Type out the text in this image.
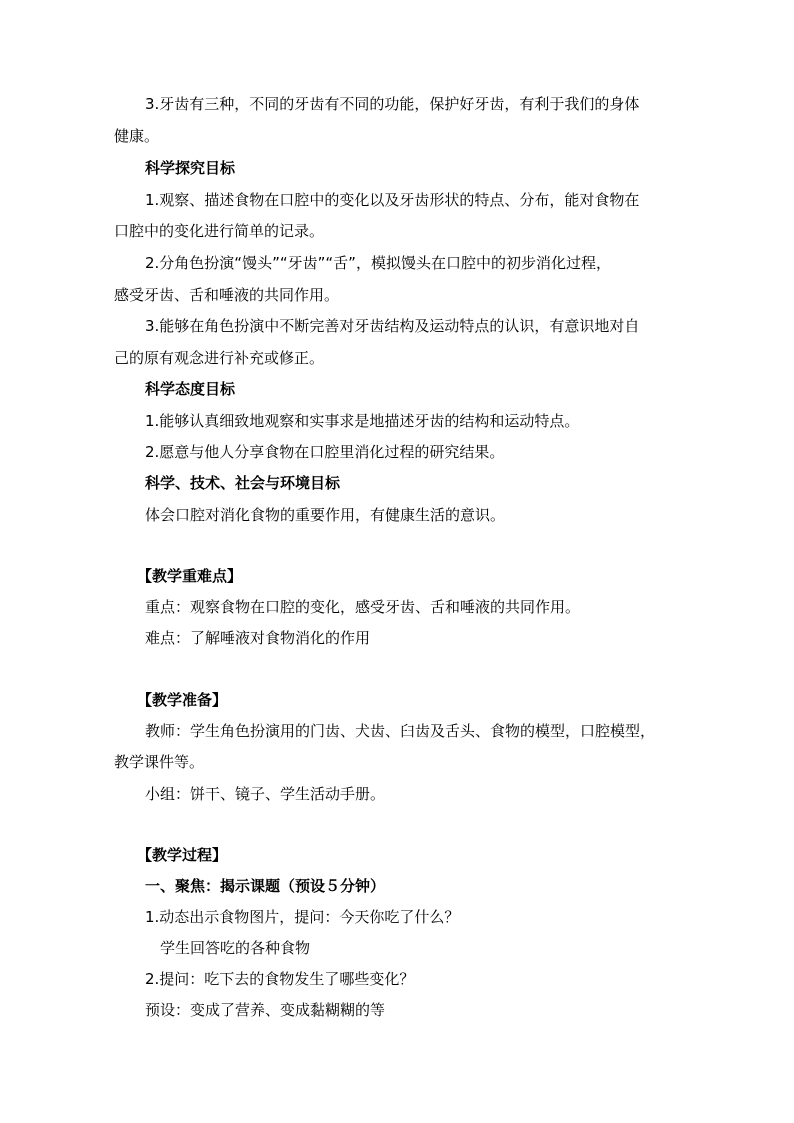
3.牙齿有三种，不同的牙齿有不同的功能，保护好牙齿，有利于我们的身体
健康。
科学探究目标
1.观察、描述食物在口腔中的变化以及牙齿形状的特点、分布，能对食物在
口腔中的变化进行简单的记录。
2.分角色扮演“馒头”“牙齿”“舌”，模拟馒头在口腔中的初步消化过程，
感受牙齿、舌和唾液的共同作用。
3.能够在角色扮演中不断完善对牙齿结构及运动特点的认识，有意识地对自
己的原有观念进行补充或修正。
科学态度目标
1.能够认真细致地观察和实事求是地描述牙齿的结构和运动特点。
2.愿意与他人分享食物在口腔里消化过程的研究结果。
科学、技术、社会与环境目标
体会口腔对消化食物的重要作用，有健康生活的意识。
【教学重难点】
重点：观察食物在口腔的变化，感受牙齿、舌和唾液的共同作用。
难点：了解唾液对食物消化的作用
【教学准备】
教师：学生角色扮演用的门齿、犬齿、臼齿及舌头、食物的模型，口腔模型，
教学课件等。
小组：饼干、镜子、学生活动手册。
【教学过程】
一、聚焦：揭示课题（预设５分钟）
1.动态出示食物图片，提问：今天你吃了什么？
学生回答吃的各种食物
2.提问：吃下去的食物发生了哪些变化？
预设：变成了营养、变成黏糊糊的等
